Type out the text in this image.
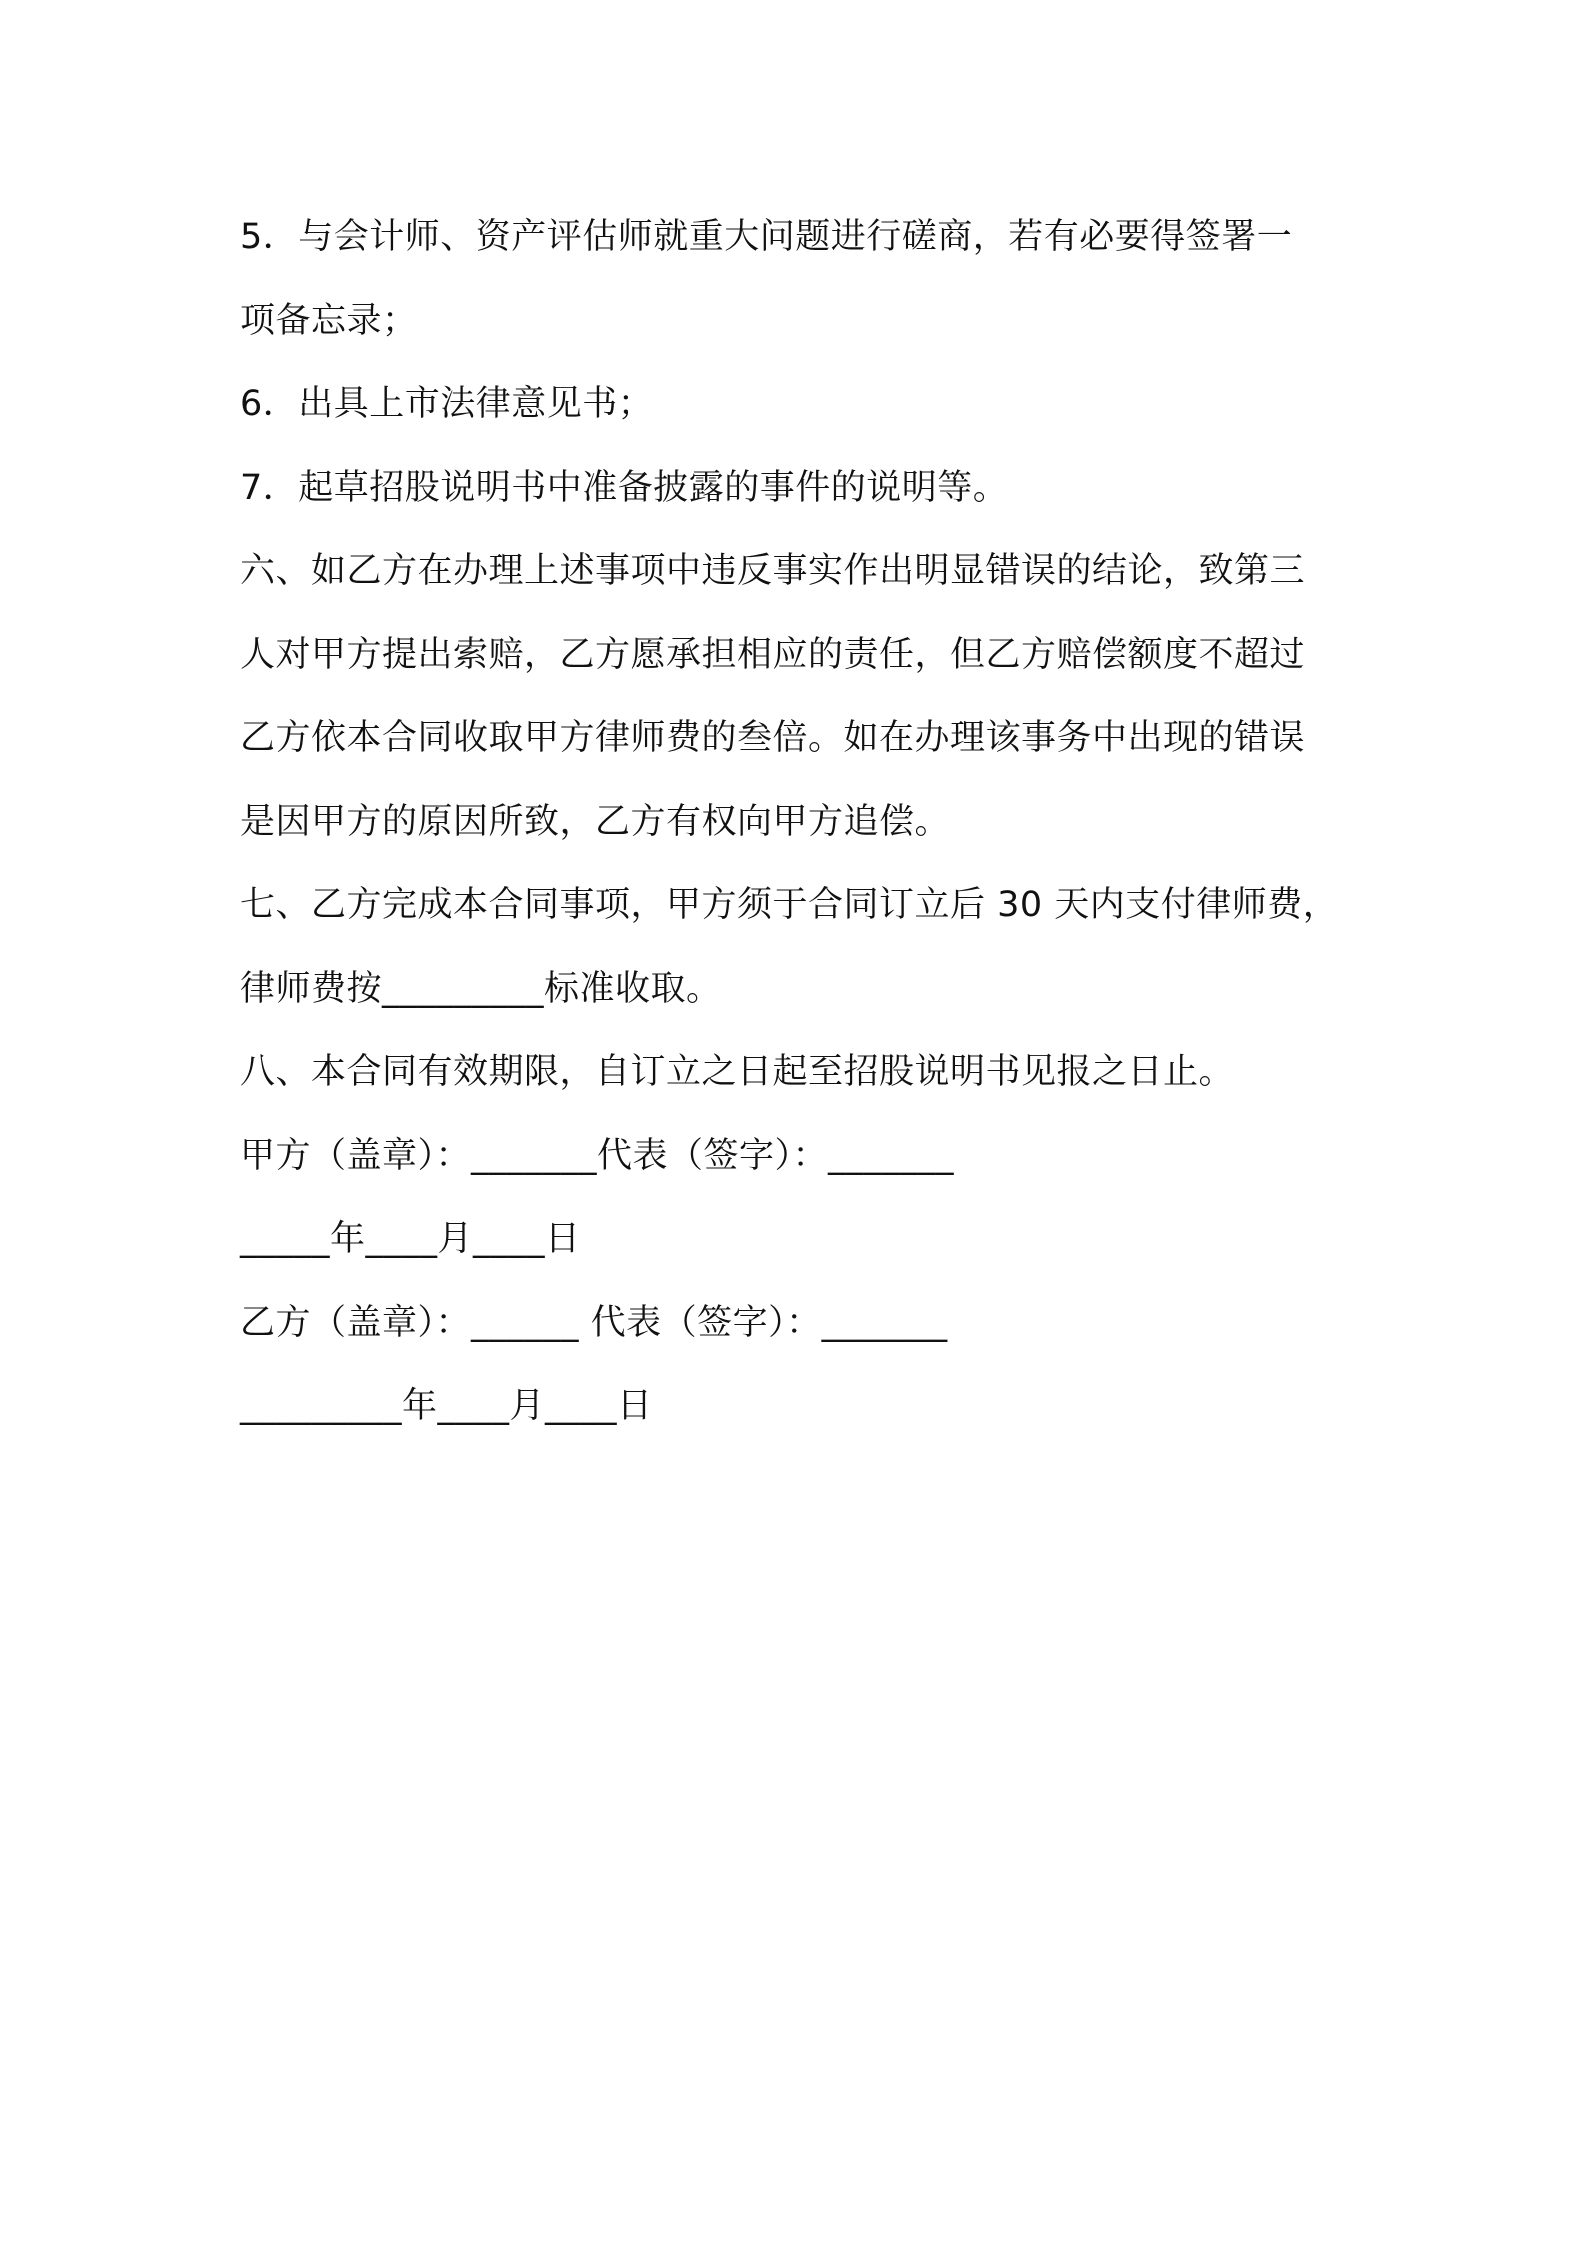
5．与会计师、资产评估师就重大问题进行磋商，若有必要得签署一
项备忘录；
6．出具上市法律意见书；
7．起草招股说明书中准备披露的事件的说明等。
六、如乙方在办理上述事项中违反事实作出明显错误的结论，致第三
人对甲方提出索赔，乙方愿承担相应的责任，但乙方赔偿额度不超过
乙方依本合同收取甲方律师费的叁倍。如在办理该事务中出现的错误
是因甲方的原因所致，乙方有权向甲方追偿。
七、乙方完成本合同事项，甲方须于合同订立后 30 天内支付律师费，
律师费按_________标准收取。
八、本合同有效期限，自订立之日起至招股说明书见报之日止。
甲方（盖章）：_______代表（签字）：_______
_____年____月____日
乙方（盖章）：______ 代表（签字）：_______
_________年____月____日
